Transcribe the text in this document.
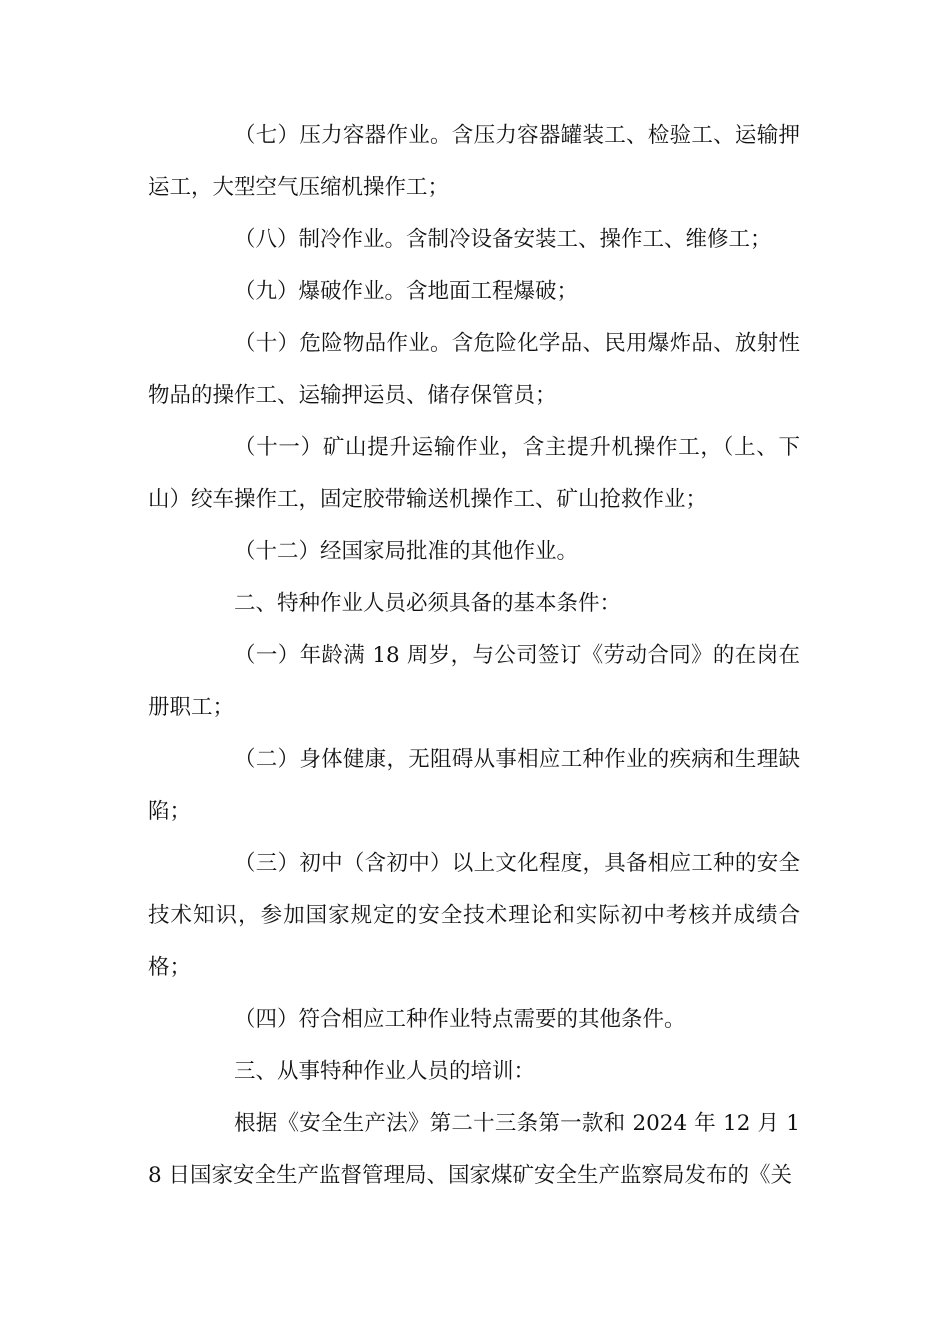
（七）压力容器作业。含压力容器罐装工、检验工、运输押运工，大型空气压缩机操作工；

（八）制冷作业。含制冷设备安装工、操作工、维修工；

（九）爆破作业。含地面工程爆破；

（十）危险物品作业。含危险化学品、民用爆炸品、放射性物品的操作工、运输押运员、储存保管员；

（十一）矿山提升运输作业，含主提升机操作工，（上、下山）绞车操作工，固定胶带输送机操作工、矿山抢救作业；

（十二）经国家局批准的其他作业。

二、特种作业人员必须具备的基本条件：

（一）年龄满 18 周岁，与公司签订《劳动合同》的在岗在册职工；

（二）身体健康，无阻碍从事相应工种作业的疾病和生理缺陷；

（三）初中（含初中）以上文化程度，具备相应工种的安全技术知识，参加国家规定的安全技术理论和实际初中考核并成绩合格；

（四）符合相应工种作业特点需要的其他条件。

三、从事特种作业人员的培训：

根据《安全生产法》第二十三条第一款和 2024 年 12 月 18 日国家安全生产监督管理局、国家煤矿安全生产监察局发布的《关
